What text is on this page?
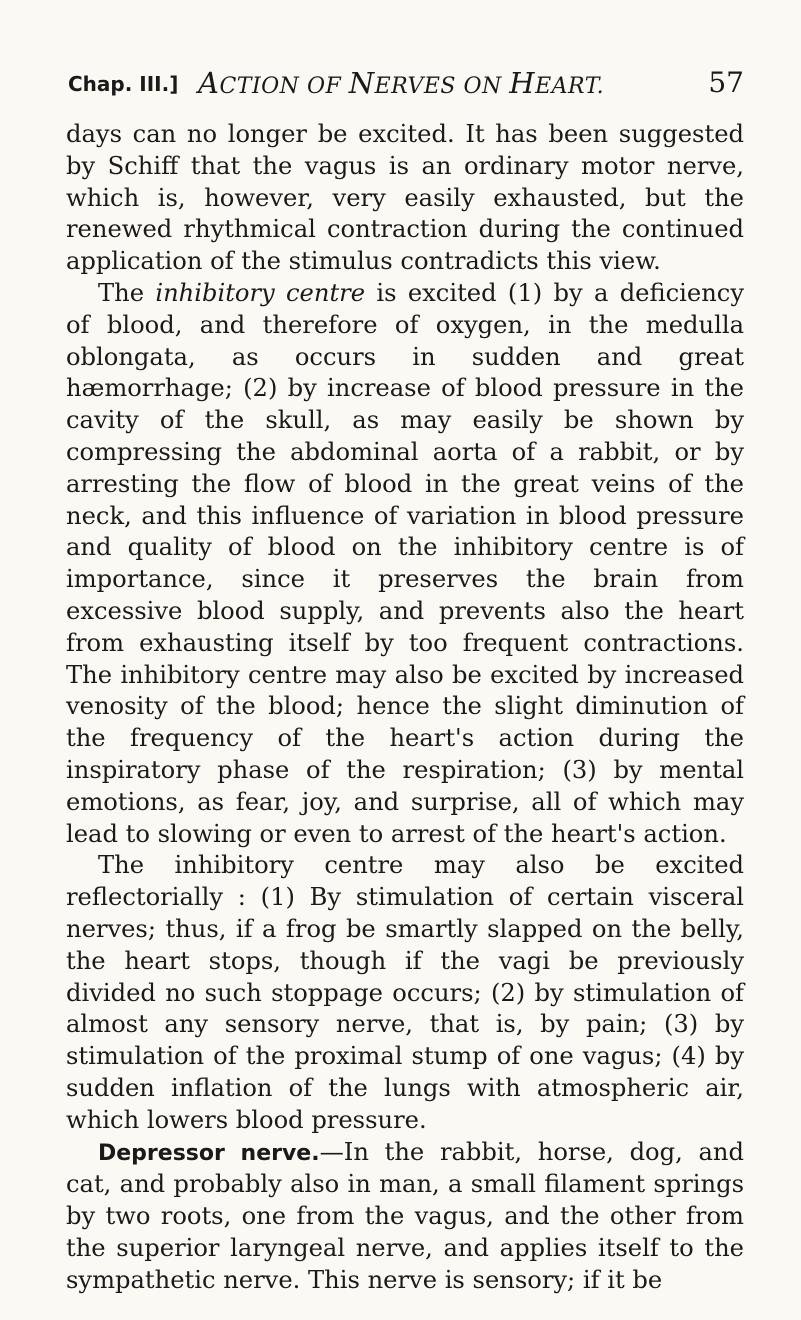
Chap. III.] ACTION OF NERVES ON HEART.	57

days can no longer be excited. It has been suggested by Schiff that the vagus is an ordinary motor nerve, which is, however, very easily exhausted, but the renewed rhythmical contraction during the continued application of the stimulus contradicts this view.

The inhibitory centre is excited (1) by a deficiency of blood, and therefore of oxygen, in the medulla oblongata, as occurs in sudden and great hæmorrhage; (2) by increase of blood pressure in the cavity of the skull, as may easily be shown by compressing the abdominal aorta of a rabbit, or by arresting the flow of blood in the great veins of the neck, and this influence of variation in blood pressure and quality of blood on the inhibitory centre is of importance, since it preserves the brain from excessive blood supply, and prevents also the heart from exhausting itself by too frequent contractions. The inhibitory centre may also be excited by increased venosity of the blood; hence the slight diminution of the frequency of the heart's action during the inspiratory phase of the respiration; (3) by mental emotions, as fear, joy, and surprise, all of which may lead to slowing or even to arrest of the heart's action.

The inhibitory centre may also be excited reflectorially : (1) By stimulation of certain visceral nerves; thus, if a frog be smartly slapped on the belly, the heart stops, though if the vagi be previously divided no such stoppage occurs; (2) by stimulation of almost any sensory nerve, that is, by pain; (3) by stimulation of the proximal stump of one vagus; (4) by sudden inflation of the lungs with atmospheric air, which lowers blood pressure.

Depressor nerve.—In the rabbit, horse, dog, and cat, and probably also in man, a small filament springs by two roots, one from the vagus, and the other from the superior laryngeal nerve, and applies itself to the sympathetic nerve. This nerve is sensory; if it be
